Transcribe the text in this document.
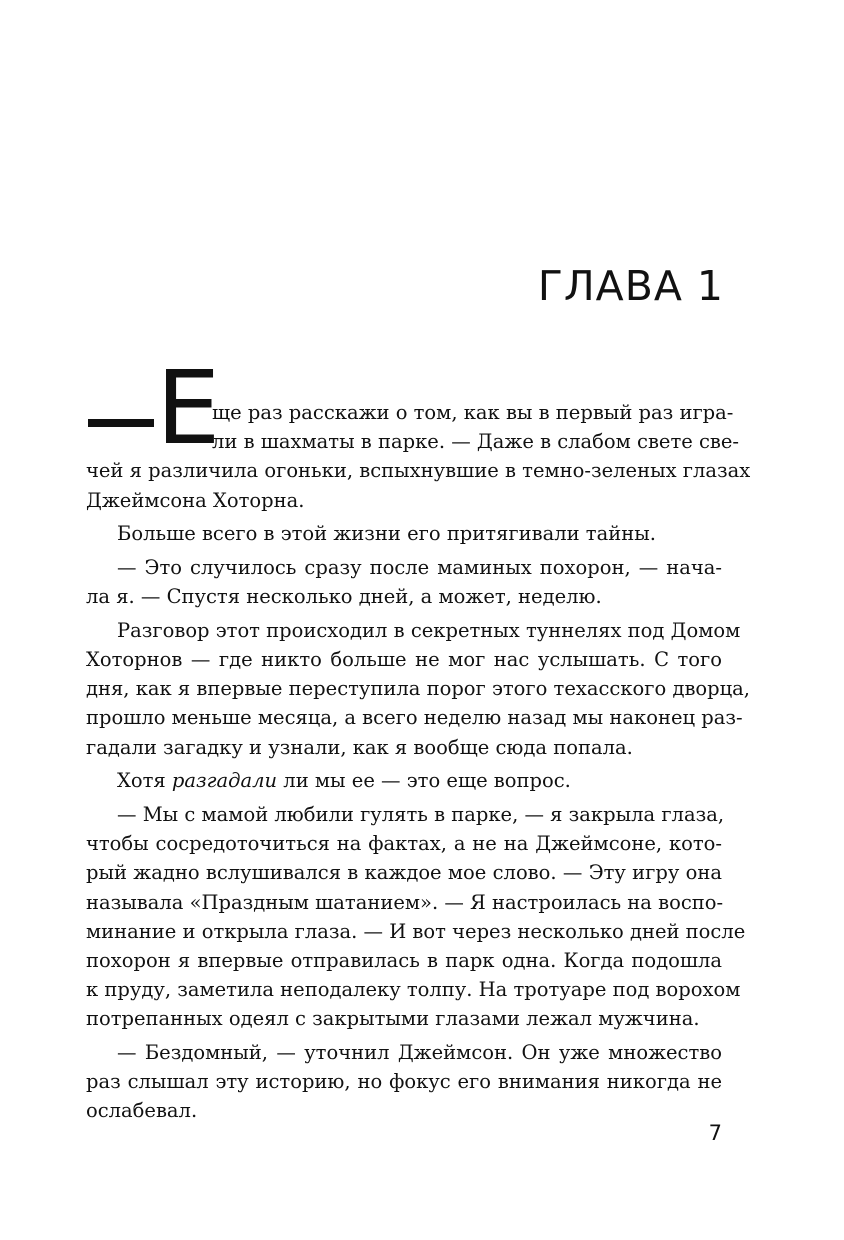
ГЛАВА 1
Е
ще раз расскажи о том, как вы в первый раз игра-
ли в шахматы в парке. — Даже в слабом свете све-
чей я различила огоньки, вспыхнувшие в темно-зеленых глазах
Джеймсона Хоторна.
Больше всего в этой жизни его притягивали тайны.
— Это случилось сразу после маминых похорон, — нача-
ла я. — Спустя несколько дней, а может, неделю.
Разговор этот происходил в секретных туннелях под Домом
Хоторнов — где никто больше не мог нас услышать. С того
дня, как я впервые переступила порог этого техасского дворца,
прошло меньше месяца, а всего неделю назад мы наконец раз-
гадали загадку и узнали, как я вообще сюда попала.
Хотя разгадали ли мы ее — это еще вопрос.
— Мы с мамой любили гулять в парке, — я закрыла глаза,
чтобы сосредоточиться на фактах, а не на Джеймсоне, кото-
рый жадно вслушивался в каждое мое слово. — Эту игру она
называла «Праздным шатанием». — Я настроилась на воспо-
минание и открыла глаза. — И вот через несколько дней после
похорон я впервые отправилась в парк одна. Когда подошла
к пруду, заметила неподалеку толпу. На тротуаре под ворохом
потрепанных одеял с закрытыми глазами лежал мужчина.
— Бездомный, — уточнил Джеймсон. Он уже множество
раз слышал эту историю, но фокус его внимания никогда не
ослабевал.
7
